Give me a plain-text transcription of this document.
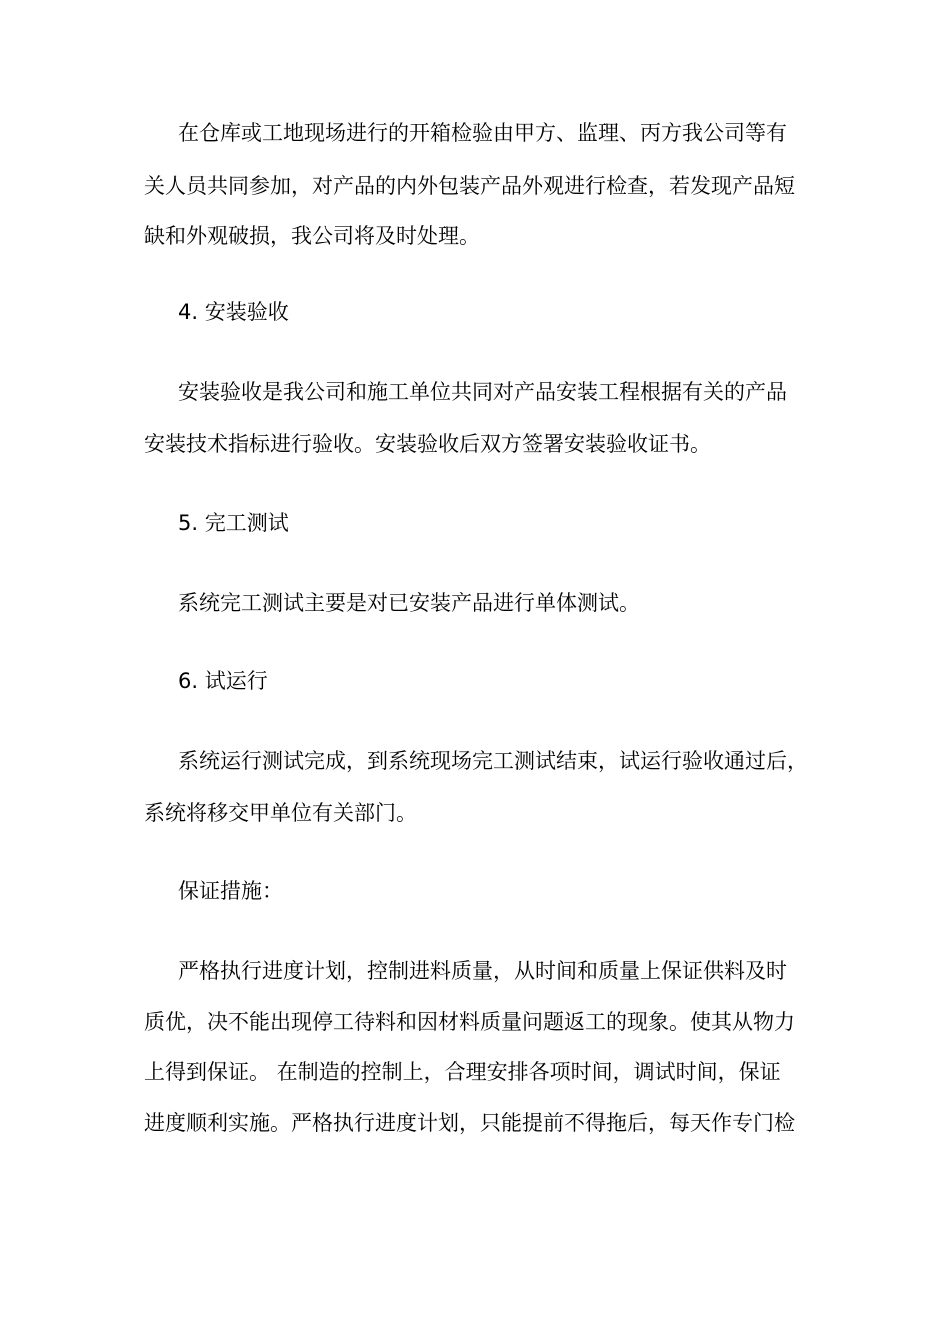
在仓库或工地现场进行的开箱检验由甲方、监理、丙方我公司等有
关人员共同参加，对产品的内外包装产品外观进行检查，若发现产品短
缺和外观破损，我公司将及时处理。
4. 安装验收
安装验收是我公司和施工单位共同对产品安装工程根据有关的产品
安装技术指标进行验收。安装验收后双方签署安装验收证书。
5. 完工测试
系统完工测试主要是对已安装产品进行单体测试。
6. 试运行
系统运行测试完成，到系统现场完工测试结束，试运行验收通过后，
系统将移交甲单位有关部门。
保证措施：
严格执行进度计划，控制进料质量，从时间和质量上保证供料及时
质优，决不能出现停工待料和因材料质量问题返工的现象。使其从物力
上得到保证。 在制造的控制上，合理安排各项时间，调试时间，保证
进度顺利实施。严格执行进度计划，只能提前不得拖后，每天作专门检
